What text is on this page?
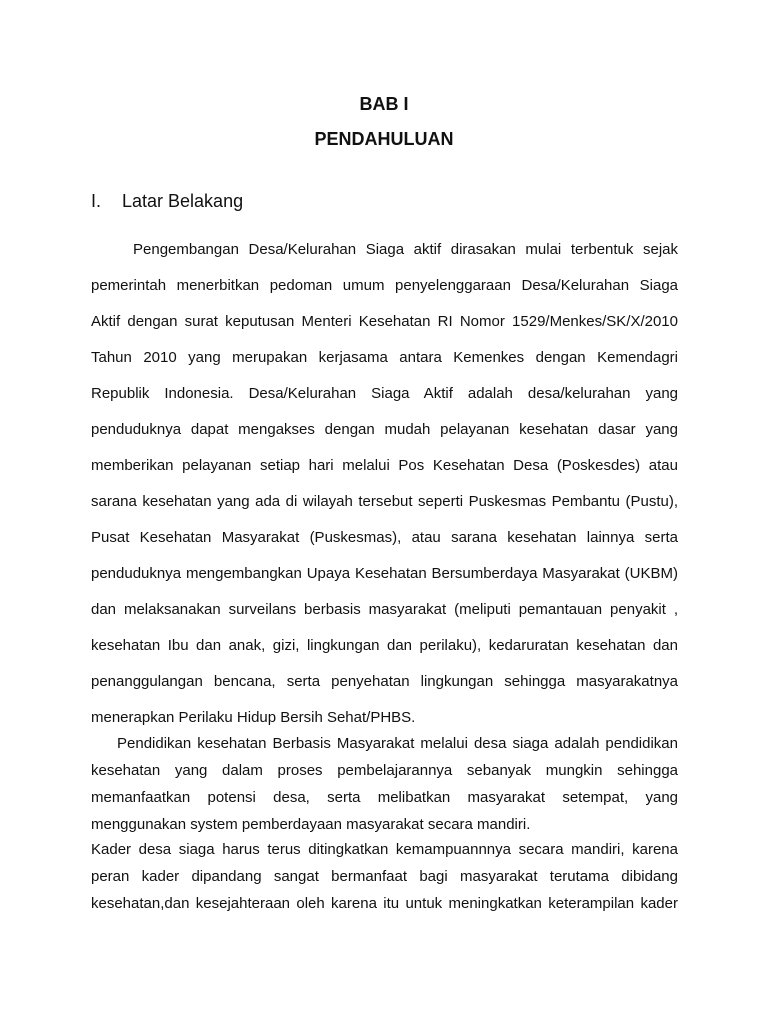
BAB I
PENDAHULUAN
I. Latar Belakang
Pengembangan Desa/Kelurahan Siaga aktif dirasakan mulai terbentuk sejak
pemerintah menerbitkan pedoman umum penyelenggaraan Desa/Kelurahan Siaga
Aktif dengan surat keputusan Menteri Kesehatan RI Nomor 1529/Menkes/SK/X/2010
Tahun 2010 yang merupakan kerjasama antara Kemenkes dengan Kemendagri
Republik Indonesia. Desa/Kelurahan Siaga Aktif adalah desa/kelurahan yang
penduduknya dapat mengakses dengan mudah pelayanan kesehatan dasar yang
memberikan pelayanan setiap hari melalui Pos Kesehatan Desa (Poskesdes) atau
sarana kesehatan yang ada di wilayah tersebut seperti Puskesmas Pembantu (Pustu),
Pusat Kesehatan Masyarakat (Puskesmas), atau sarana kesehatan lainnya serta
penduduknya mengembangkan Upaya Kesehatan Bersumberdaya Masyarakat (UKBM)
dan melaksanakan surveilans berbasis masyarakat (meliputi pemantauan penyakit ,
kesehatan Ibu dan anak, gizi, lingkungan dan perilaku), kedaruratan kesehatan dan
penanggulangan bencana, serta penyehatan lingkungan sehingga masyarakatnya
menerapkan Perilaku Hidup Bersih Sehat/PHBS.
Pendidikan kesehatan Berbasis Masyarakat melalui desa siaga adalah pendidikan
kesehatan yang dalam proses pembelajarannya sebanyak mungkin sehingga
memanfaatkan potensi desa, serta melibatkan masyarakat setempat, yang
menggunakan system pemberdayaan masyarakat secara mandiri.
Kader desa siaga harus terus ditingkatkan kemampuannnya secara mandiri, karena
peran kader dipandang sangat bermanfaat bagi masyarakat terutama dibidang
kesehatan,dan kesejahteraan oleh karena itu untuk meningkatkan keterampilan kader
